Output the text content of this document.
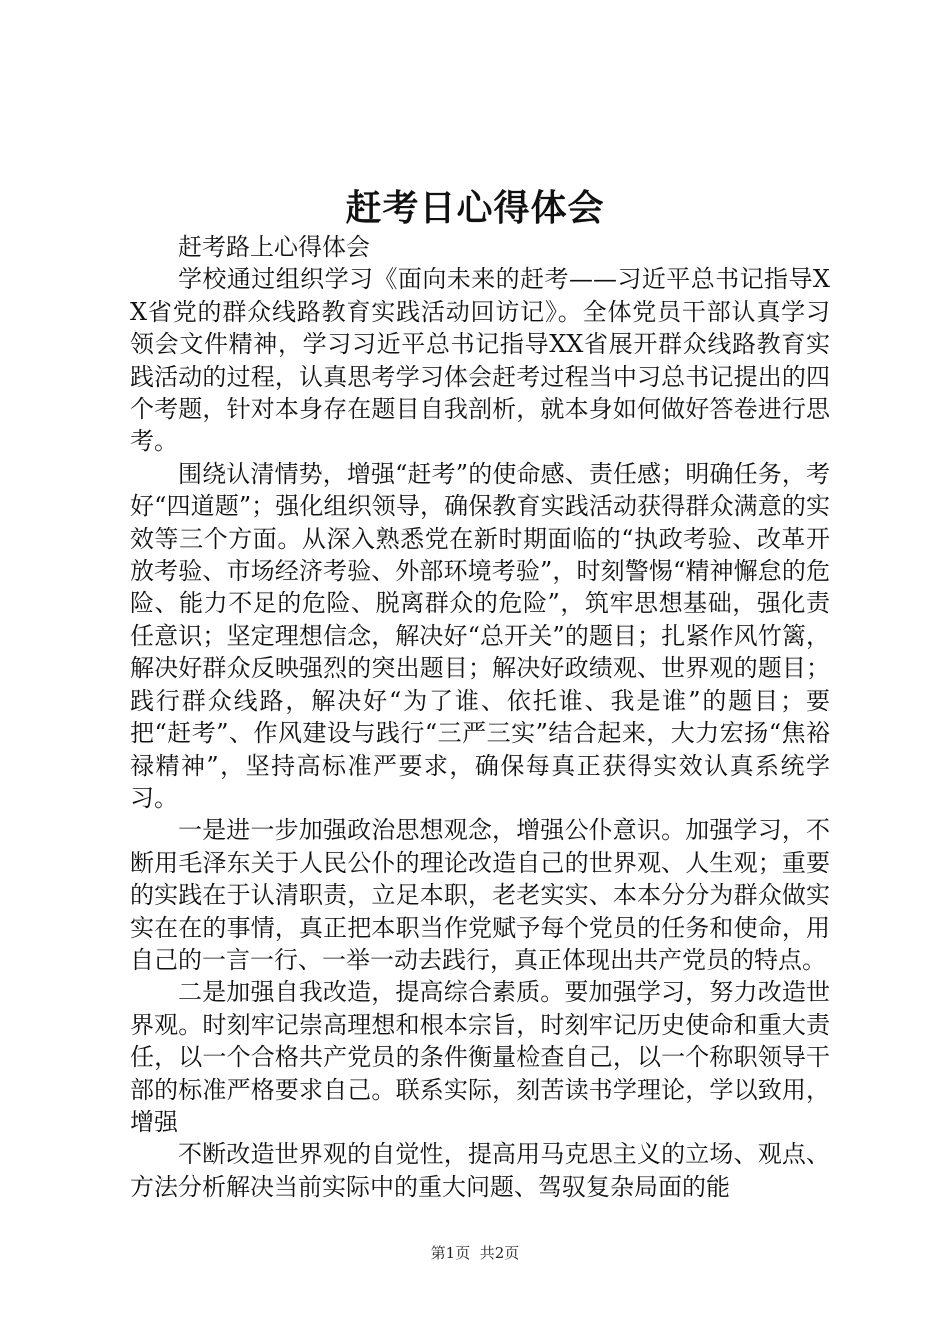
赶考日心得体会

赶考路上心得体会

学校通过组织学习《面向未来的赶考——习近平总书记指导XX省党的群众线路教育实践活动回访记》。全体党员干部认真学习领会文件精神，学习习近平总书记指导XX省展开群众线路教育实践活动的过程，认真思考学习体会赶考过程当中习总书记提出的四个考题，针对本身存在题目自我剖析，就本身如何做好答卷进行思考。

围绕认清情势，增强“赶考”的使命感、责任感；明确任务，考好“四道题”；强化组织领导，确保教育实践活动获得群众满意的实效等三个方面。从深入熟悉党在新时期面临的“执政考验、改革开放考验、市场经济考验、外部环境考验”，时刻警惕“精神懈怠的危险、能力不足的危险、脱离群众的危险”，筑牢思想基础，强化责任意识；坚定理想信念，解决好“总开关”的题目；扎紧作风竹篱，解决好群众反映强烈的突出题目；解决好政绩观、世界观的题目；践行群众线路，解决好“为了谁、依托谁、我是谁”的题目；要把“赶考”、作风建设与践行“三严三实”结合起来，大力宏扬“焦裕禄精神”，坚持高标准严要求，确保每真正获得实效认真系统学习。

一是进一步加强政治思想观念，增强公仆意识。加强学习，不断用毛泽东关于人民公仆的理论改造自己的世界观、人生观；重要的实践在于认清职责，立足本职，老老实实、本本分分为群众做实实在在的事情，真正把本职当作党赋予每个党员的任务和使命，用自己的一言一行、一举一动去践行，真正体现出共产党员的特点。

二是加强自我改造，提高综合素质。要加强学习，努力改造世界观。时刻牢记崇高理想和根本宗旨，时刻牢记历史使命和重大责任，以一个合格共产党员的条件衡量检查自己，以一个称职领导干部的标准严格要求自己。联系实际，刻苦读书学理论，学以致用，增强

不断改造世界观的自觉性，提高用马克思主义的立场、观点、方法分析解决当前实际中的重大问题、驾驭复杂局面的能

第1页 共2页
